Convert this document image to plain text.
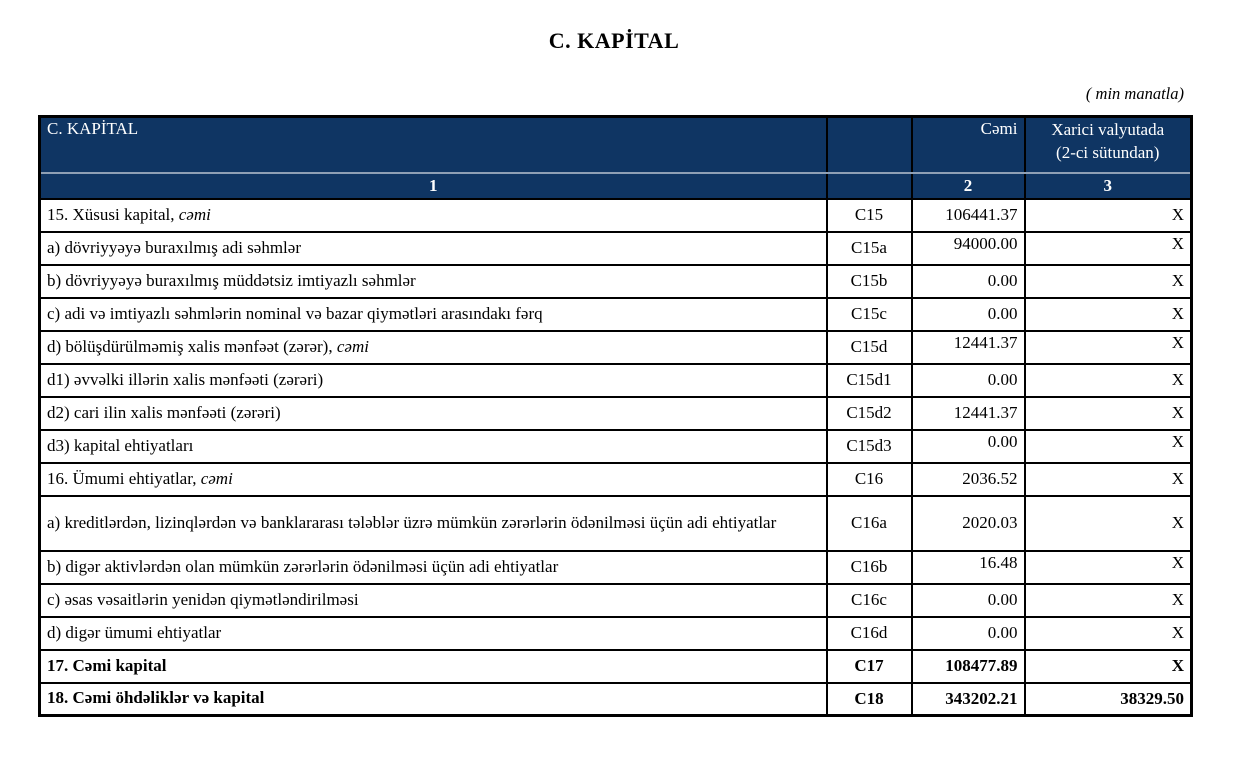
C. KAPİTAL
( min manatla)
C. KAPİTAL		Cəmi	Xarici valyutada
(2-ci sütundan)
1		2	3
15. Xüsusi kapital, cəmi	C15	106441.37	X
a) dövriyyəyə buraxılmış adi səhmlər	C15a	94000.00	X
b) dövriyyəyə buraxılmış müddətsiz imtiyazlı səhmlər	C15b	0.00	X
c) adi və imtiyazlı səhmlərin nominal və bazar qiymətləri arasındakı fərq	C15c	0.00	X
d) bölüşdürülməmiş xalis mənfəət (zərər), cəmi	C15d	12441.37	X
d1) əvvəlki illərin xalis mənfəəti (zərəri)	C15d1	0.00	X
d2) cari ilin xalis mənfəəti (zərəri)	C15d2	12441.37	X
d3) kapital ehtiyatları	C15d3	0.00	X
16. Ümumi ehtiyatlar, cəmi	C16	2036.52	X
a) kreditlərdən, lizinqlərdən və banklararası tələblər üzrə mümkün zərərlərin ödənilməsi üçün adi ehtiyatlar	C16a	2020.03	X
b) digər aktivlərdən olan mümkün zərərlərin ödənilməsi üçün adi ehtiyatlar	C16b	16.48	X
c) əsas vəsaitlərin yenidən qiymətləndirilməsi	C16c	0.00	X
d) digər ümumi ehtiyatlar	C16d	0.00	X
17. Cəmi kapital	C17	108477.89	X
18. Cəmi öhdəliklər və kapital	C18	343202.21	38329.50
